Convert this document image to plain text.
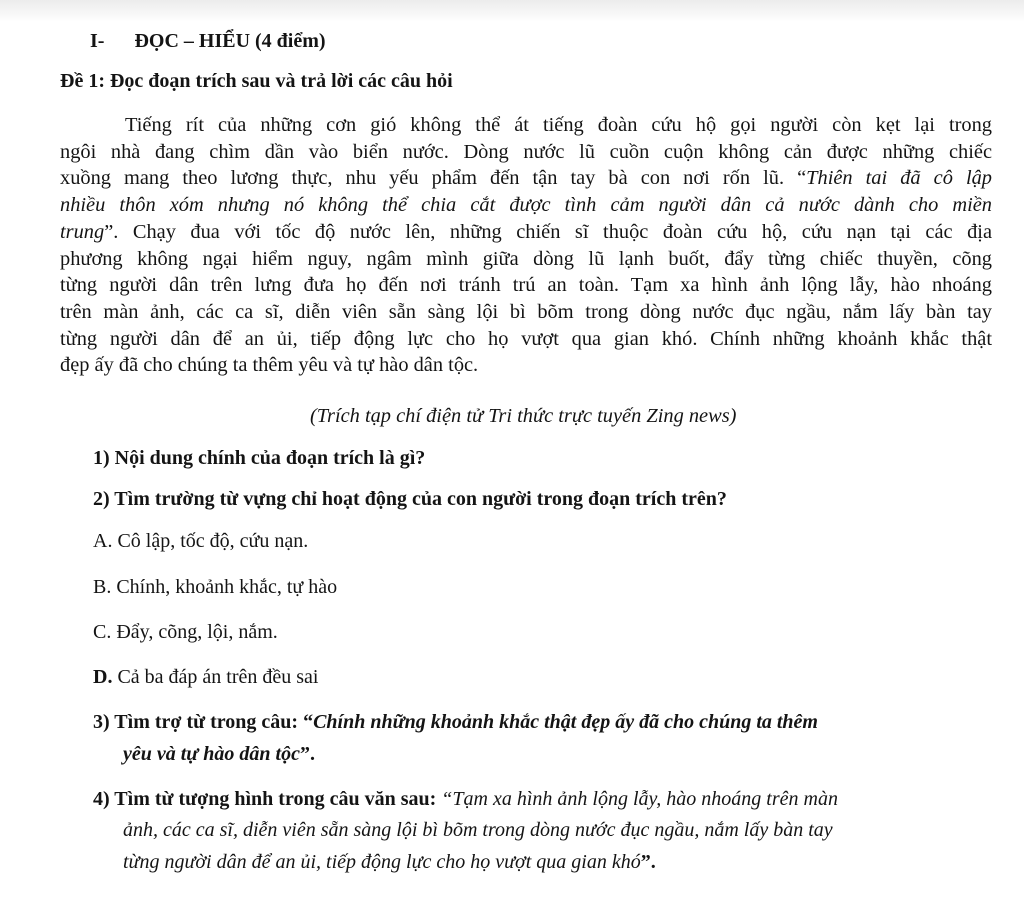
I- ĐỌC – HIỂU (4 điểm)
Đề 1: Đọc đoạn trích sau và trả lời các câu hỏi
Tiếng rít của những cơn gió không thể át tiếng đoàn cứu hộ gọi người còn kẹt lại trong
ngôi nhà đang chìm dần vào biển nước. Dòng nước lũ cuồn cuộn không cản được những chiếc
xuồng mang theo lương thực, nhu yếu phẩm đến tận tay bà con nơi rốn lũ. “Thiên tai đã cô lập
nhiều thôn xóm nhưng nó không thể chia cắt được tình cảm người dân cả nước dành cho miền
trung”. Chạy đua với tốc độ nước lên, những chiến sĩ thuộc đoàn cứu hộ, cứu nạn tại các địa
phương không ngại hiểm nguy, ngâm mình giữa dòng lũ lạnh buốt, đẩy từng chiếc thuyền, cõng
từng người dân trên lưng đưa họ đến nơi tránh trú an toàn. Tạm xa hình ảnh lộng lẫy, hào nhoáng
trên màn ảnh, các ca sĩ, diễn viên sẵn sàng lội bì bõm trong dòng nước đục ngầu, nắm lấy bàn tay
từng người dân để an ủi, tiếp động lực cho họ vượt qua gian khó. Chính những khoảnh khắc thật
đẹp ấy đã cho chúng ta thêm yêu và tự hào dân tộc.
(Trích tạp chí điện tử Tri thức trực tuyến Zing news)
1) Nội dung chính của đoạn trích là gì?
2) Tìm trường từ vựng chỉ hoạt động của con người trong đoạn trích trên?
A. Cô lập, tốc độ, cứu nạn.
B. Chính, khoảnh khắc, tự hào
C. Đẩy, cõng, lội, nắm.
D. Cả ba đáp án trên đều sai
3) Tìm trợ từ trong câu: “Chính những khoảnh khắc thật đẹp ấy đã cho chúng ta thêm
yêu và tự hào dân tộc”.
4) Tìm từ tượng hình trong câu văn sau: “Tạm xa hình ảnh lộng lẫy, hào nhoáng trên màn
ảnh, các ca sĩ, diễn viên sẵn sàng lội bì bõm trong dòng nước đục ngầu, nắm lấy bàn tay
từng người dân để an ủi, tiếp động lực cho họ vượt qua gian khó”.
